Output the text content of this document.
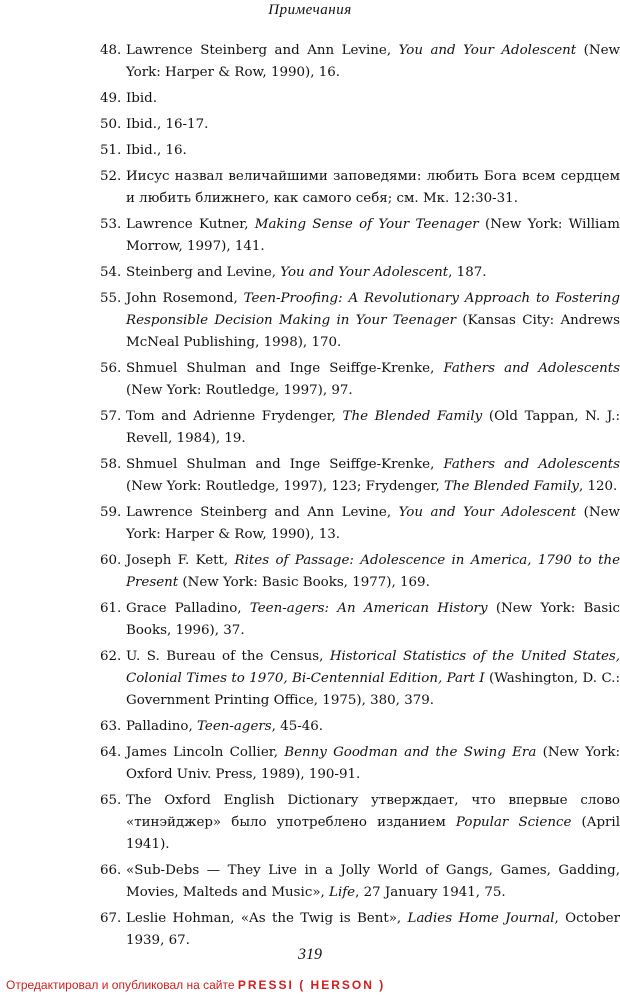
Примечания
48. Lawrence Steinberg and Ann Levine, You and Your Adolescent (New York: Harper & Row, 1990), 16.
49. Ibid.
50. Ibid., 16-17.
51. Ibid., 16.
52. Иисус назвал величайшими заповедями: любить Бога всем сердцем и любить ближнего, как самого себя; см. Мк. 12:30-31.
53. Lawrence Kutner, Making Sense of Your Teenager (New York: William Morrow, 1997), 141.
54. Steinberg and Levine, You and Your Adolescent, 187.
55. John Rosemond, Teen-Proofing: A Revolutionary Approach to Fostering Responsible Decision Making in Your Teenager (Kansas City: Andrews McNeal Publishing, 1998), 170.
56. Shmuel Shulman and Inge Seiffge-Krenke, Fathers and Adolescents (New York: Routledge, 1997), 97.
57. Tom and Adrienne Frydenger, The Blended Family (Old Tappan, N. J.: Revell, 1984), 19.
58. Shmuel Shulman and Inge Seiffge-Krenke, Fathers and Adolescents (New York: Routledge, 1997), 123; Frydenger, The Blended Family, 120.
59. Lawrence Steinberg and Ann Levine, You and Your Adolescent (New York: Harper & Row, 1990), 13.
60. Joseph F. Kett, Rites of Passage: Adolescence in America, 1790 to the Present (New York: Basic Books, 1977), 169.
61. Grace Palladino, Teen-agers: An American History (New York: Basic Books, 1996), 37.
62. U. S. Bureau of the Census, Historical Statistics of the United States, Colonial Times to 1970, Bi-Centennial Edition, Part I (Washington, D. C.: Government Printing Office, 1975), 380, 379.
63. Palladino, Teen-agers, 45-46.
64. James Lincoln Collier, Benny Goodman and the Swing Era (New York: Oxford Univ. Press, 1989), 190-91.
65. The Oxford English Dictionary утверждает, что впервые слово «тинэйджер» было употреблено изданием Popular Science (April 1941).
66. «Sub-Debs — They Live in a Jolly World of Gangs, Games, Gadding, Movies, Malteds and Music», Life, 27 January 1941, 75.
67. Leslie Hohman, «As the Twig is Bent», Ladies Home Journal, October 1939, 67.
319
Отредактировал и опубликовал на сайте PRESSI ( HERSON )
